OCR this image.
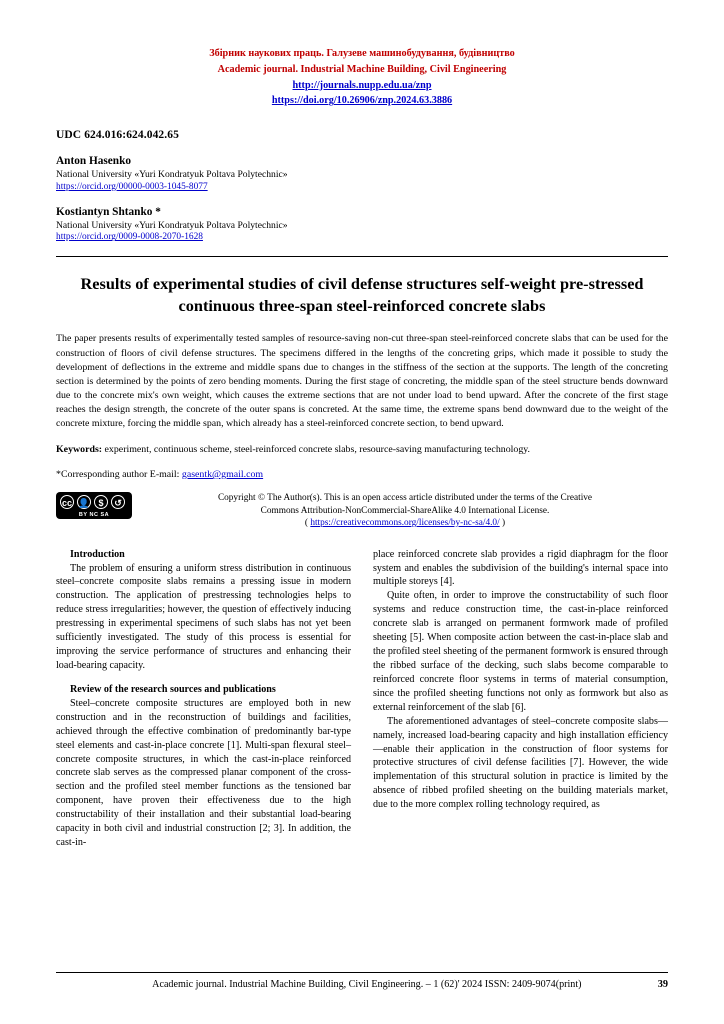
Збірник наукових праць. Галузеве машинобудування, будівництво
Academic journal. Industrial Machine Building, Civil Engineering
http://journals.nupp.edu.ua/znp
https://doi.org/10.26906/znp.2024.63.3886
UDC 624.016:624.042.65
Anton Hasenko
National University «Yuri Kondratyuk Poltava Polytechnic»
https://orcid.org/00000-0003-1045-8077
Kostiantyn Shtanko *
National University «Yuri Kondratyuk Poltava Polytechnic»
https://orcid.org/0009-0008-2070-1628
Results of experimental studies of civil defense structures self-weight pre-stressed continuous three-span steel-reinforced concrete slabs
The paper presents results of experimentally tested samples of resource-saving non-cut three-span steel-reinforced concrete slabs that can be used for the construction of floors of civil defense structures. The specimens differed in the lengths of the concreting grips, which made it possible to study the development of deflections in the extreme and middle spans due to changes in the stiffness of the section at the supports. The length of the concreting section is determined by the points of zero bending moments. During the first stage of concreting, the middle span of the steel structure bends downward due to the concrete mix's own weight, which causes the extreme sections that are not under load to bend upward. After the concrete of the first stage reaches the design strength, the concrete of the outer spans is concreted. At the same time, the extreme spans bend downward due to the weight of the concrete mixture, forcing the middle span, which already has a steel-reinforced concrete section, to bend upward.
Keywords: experiment, continuous scheme, steel-reinforced concrete slabs, resource-saving manufacturing technology.
*Corresponding author E-mail: gasentk@gmail.com
cc 👤 $	↺
BY NC SA
Copyright © The Author(s). This is an open access article distributed under the terms of the Creative
Commons Attribution-NonCommercial-ShareAlike 4.0 International License.
( https://creativecommons.org/licenses/by-nc-sa/4.0/ )

Introduction

The problem of ensuring a uniform stress distribution in continuous steel–concrete composite slabs remains a pressing issue in modern construction. The application of prestressing technologies helps to reduce stress irregularities; however, the question of effectively inducing prestressing in experimental specimens of such slabs has not yet been sufficiently investigated. The study of this process is essential for improving the service performance of structures and enhancing their load-bearing capacity.

Review of the research sources and publications

Steel–concrete composite structures are employed both in new construction and in the reconstruction of buildings and facilities, achieved through the effective combination of predominantly bar-type steel elements and cast-in-place concrete [1]. Multi-span flexural steel–concrete composite structures, in which the cast-in-place reinforced concrete slab serves as the compressed planar component of the cross-section and the profiled steel member functions as the tensioned bar component, have proven their effectiveness due to the high constructability of their installation and their substantial load-bearing capacity in both civil and industrial construction [2; 3]. In addition, the cast-in-

place reinforced concrete slab provides a rigid diaphragm for the floor system and enables the subdivision of the building's internal space into multiple storeys [4].

Quite often, in order to improve the constructability of such floor systems and reduce construction time, the cast-in-place reinforced concrete slab is arranged on permanent formwork made of profiled sheeting [5]. When composite action between the cast-in-place slab and the profiled steel sheeting of the permanent formwork is ensured through the ribbed surface of the decking, such slabs become comparable to reinforced concrete floor systems in terms of material consumption, since the profiled sheeting functions not only as formwork but also as external reinforcement of the slab [6].

The aforementioned advantages of steel–concrete composite slabs—namely, increased load-bearing capacity and high installation efficiency—enable their application in the construction of floor systems for protective structures of civil defense facilities [7]. However, the wide implementation of this structural solution in practice is limited by the absence of ribbed profiled sheeting on the building materials market, due to the more complex rolling technology required, as

Academic journal. Industrial Machine Building, Civil Engineering. – 1 (62)' 2024 ISSN: 2409-9074(print)	39
